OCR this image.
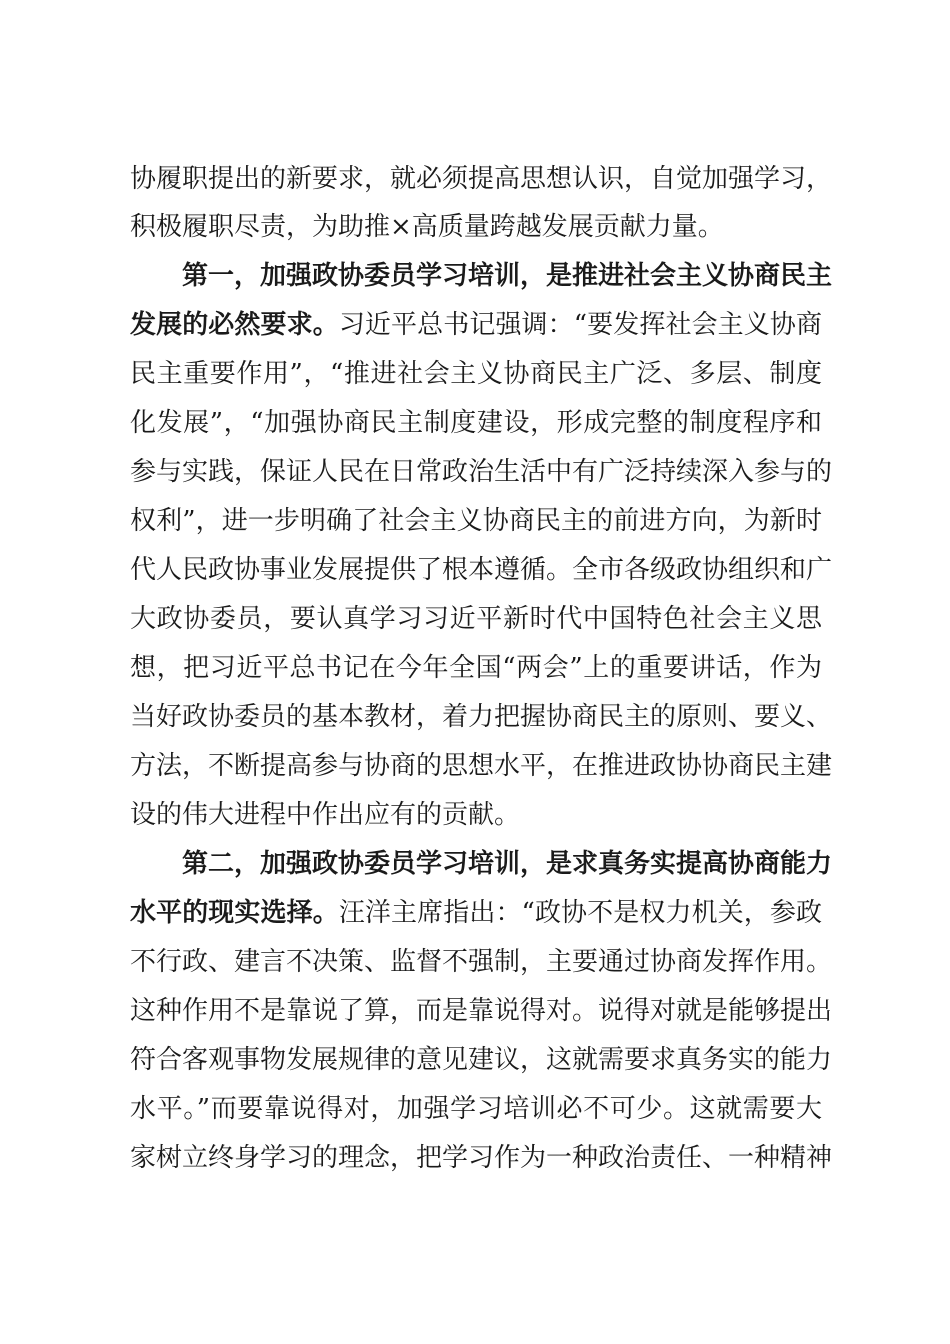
协履职提出的新要求，就必须提高思想认识，自觉加强学习，
积极履职尽责，为助推×高质量跨越发展贡献力量。
第一，加强政协委员学习培训，是推进社会主义协商民主
发展的必然要求。习近平总书记强调：“要发挥社会主义协商
民主重要作用”，“推进社会主义协商民主广泛、多层、制度
化发展”，“加强协商民主制度建设，形成完整的制度程序和
参与实践，保证人民在日常政治生活中有广泛持续深入参与的
权利”，进一步明确了社会主义协商民主的前进方向，为新时
代人民政协事业发展提供了根本遵循。全市各级政协组织和广
大政协委员，要认真学习习近平新时代中国特色社会主义思
想，把习近平总书记在今年全国“两会”上的重要讲话，作为
当好政协委员的基本教材，着力把握协商民主的原则、要义、
方法，不断提高参与协商的思想水平，在推进政协协商民主建
设的伟大进程中作出应有的贡献。
第二，加强政协委员学习培训，是求真务实提高协商能力
水平的现实选择。汪洋主席指出：“政协不是权力机关，参政
不行政、建言不决策、监督不强制，主要通过协商发挥作用。
这种作用不是靠说了算，而是靠说得对。说得对就是能够提出
符合客观事物发展规律的意见建议，这就需要求真务实的能力
水平。”而要靠说得对，加强学习培训必不可少。这就需要大
家树立终身学习的理念，把学习作为一种政治责任、一种精神
